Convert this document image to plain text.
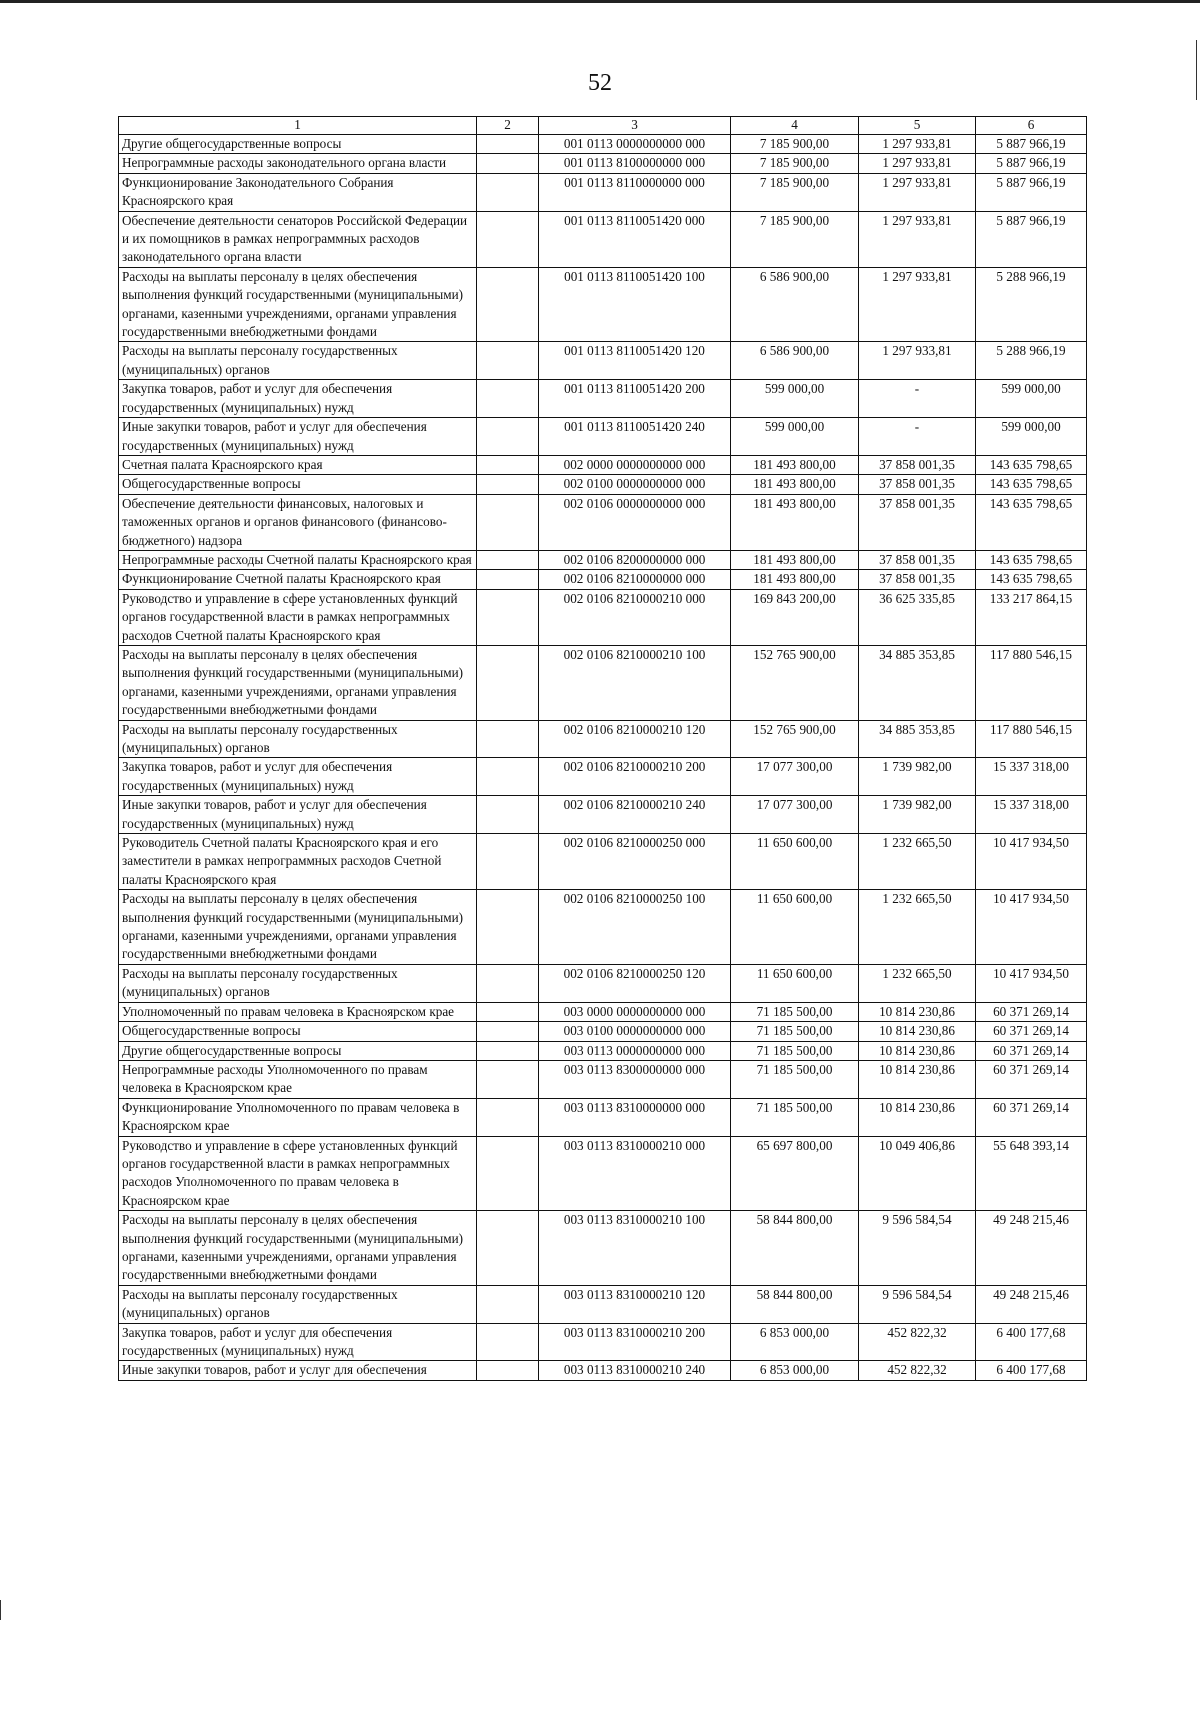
52
1	2	3	4	5	6
Другие общегосударственные вопросы		001 0113 0000000000 000	7 185 900,00	1 297 933,81	5 887 966,19
Непрограммные расходы законодательного органа власти		001 0113 8100000000 000	7 185 900,00	1 297 933,81	5 887 966,19
Функционирование Законодательного Собрания Красноярского края		001 0113 8110000000 000	7 185 900,00	1 297 933,81	5 887 966,19
Обеспечение деятельности сенаторов Российской Федерации и их помощников в рамках непрограммных расходов законодательного органа власти		001 0113 8110051420 000	7 185 900,00	1 297 933,81	5 887 966,19
Расходы на выплаты персоналу в целях обеспечения выполнения функций государственными (муниципальными) органами, казенными учреждениями, органами управления государственными внебюджетными фондами		001 0113 8110051420 100	6 586 900,00	1 297 933,81	5 288 966,19
Расходы на выплаты персоналу государственных (муниципальных) органов		001 0113 8110051420 120	6 586 900,00	1 297 933,81	5 288 966,19
Закупка товаров, работ и услуг для обеспечения государственных (муниципальных) нужд		001 0113 8110051420 200	599 000,00	-	599 000,00
Иные закупки товаров, работ и услуг для обеспечения государственных (муниципальных) нужд		001 0113 8110051420 240	599 000,00	-	599 000,00
Счетная палата Красноярского края		002 0000 0000000000 000	181 493 800,00	37 858 001,35	143 635 798,65
Общегосударственные вопросы		002 0100 0000000000 000	181 493 800,00	37 858 001,35	143 635 798,65
Обеспечение деятельности финансовых, налоговых и таможенных органов и органов финансового (финансово-бюджетного) надзора		002 0106 0000000000 000	181 493 800,00	37 858 001,35	143 635 798,65
Непрограммные расходы Счетной палаты Красноярского края		002 0106 8200000000 000	181 493 800,00	37 858 001,35	143 635 798,65
Функционирование Счетной палаты Красноярского края		002 0106 8210000000 000	181 493 800,00	37 858 001,35	143 635 798,65
Руководство и управление в сфере установленных функций органов государственной власти в рамках непрограммных расходов Счетной палаты Красноярского края		002 0106 8210000210 000	169 843 200,00	36 625 335,85	133 217 864,15
Расходы на выплаты персоналу в целях обеспечения выполнения функций государственными (муниципальными) органами, казенными учреждениями, органами управления государственными внебюджетными фондами		002 0106 8210000210 100	152 765 900,00	34 885 353,85	117 880 546,15
Расходы на выплаты персоналу государственных (муниципальных) органов		002 0106 8210000210 120	152 765 900,00	34 885 353,85	117 880 546,15
Закупка товаров, работ и услуг для обеспечения государственных (муниципальных) нужд		002 0106 8210000210 200	17 077 300,00	1 739 982,00	15 337 318,00
Иные закупки товаров, работ и услуг для обеспечения государственных (муниципальных) нужд		002 0106 8210000210 240	17 077 300,00	1 739 982,00	15 337 318,00
Руководитель Счетной палаты Красноярского края и его заместители в рамках непрограммных расходов Счетной палаты Красноярского края		002 0106 8210000250 000	11 650 600,00	1 232 665,50	10 417 934,50
Расходы на выплаты персоналу в целях обеспечения выполнения функций государственными (муниципальными) органами, казенными учреждениями, органами управления государственными внебюджетными фондами		002 0106 8210000250 100	11 650 600,00	1 232 665,50	10 417 934,50
Расходы на выплаты персоналу государственных (муниципальных) органов		002 0106 8210000250 120	11 650 600,00	1 232 665,50	10 417 934,50
Уполномоченный по правам человека в Красноярском крае		003 0000 0000000000 000	71 185 500,00	10 814 230,86	60 371 269,14
Общегосударственные вопросы		003 0100 0000000000 000	71 185 500,00	10 814 230,86	60 371 269,14
Другие общегосударственные вопросы		003 0113 0000000000 000	71 185 500,00	10 814 230,86	60 371 269,14
Непрограммные расходы Уполномоченного по правам человека в Красноярском крае		003 0113 8300000000 000	71 185 500,00	10 814 230,86	60 371 269,14
Функционирование Уполномоченного по правам человека в Красноярском крае		003 0113 8310000000 000	71 185 500,00	10 814 230,86	60 371 269,14
Руководство и управление в сфере установленных функций органов государственной власти в рамках непрограммных расходов Уполномоченного по правам человека в Красноярском крае		003 0113 8310000210 000	65 697 800,00	10 049 406,86	55 648 393,14
Расходы на выплаты персоналу в целях обеспечения выполнения функций государственными (муниципальными) органами, казенными учреждениями, органами управления государственными внебюджетными фондами		003 0113 8310000210 100	58 844 800,00	9 596 584,54	49 248 215,46
Расходы на выплаты персоналу государственных (муниципальных) органов		003 0113 8310000210 120	58 844 800,00	9 596 584,54	49 248 215,46
Закупка товаров, работ и услуг для обеспечения государственных (муниципальных) нужд		003 0113 8310000210 200	6 853 000,00	452 822,32	6 400 177,68
Иные закупки товаров, работ и услуг для обеспечения		003 0113 8310000210 240	6 853 000,00	452 822,32	6 400 177,68
